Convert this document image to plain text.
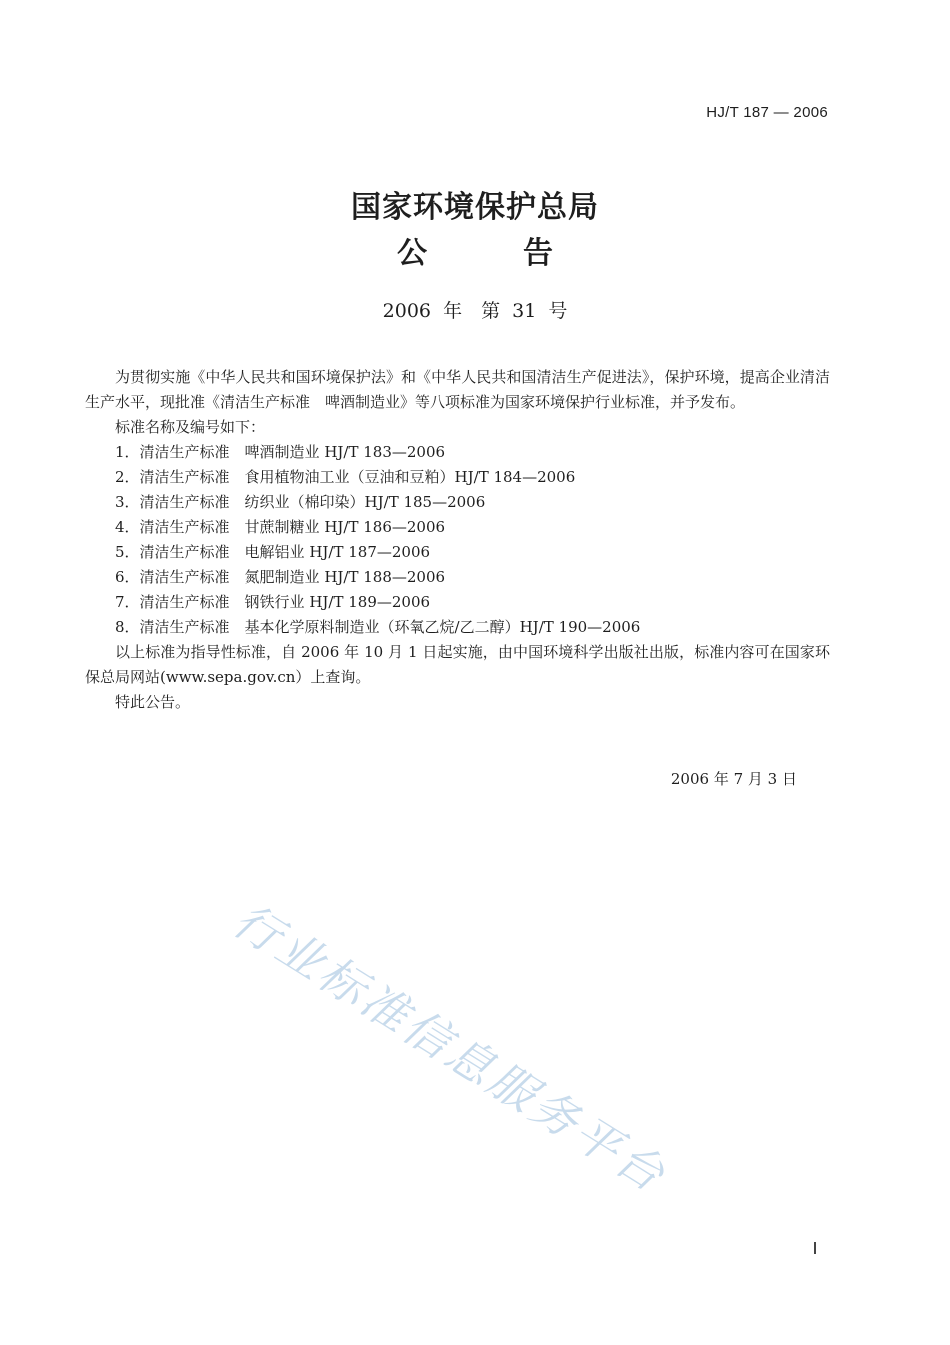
HJ/T 187 — 2006
国家环境保护总局
公告
2006 年　第 31 号

为贯彻实施《中华人民共和国环境保护法》和《中华人民共和国清洁生产促进法》，保护环境，提高企业清洁生产水平，现批准《清洁生产标准　啤酒制造业》等八项标准为国家环境保护行业标准，并予发布。

标准名称及编号如下：

1．清洁生产标准　啤酒制造业 HJ/T 183—2006
2．清洁生产标准　食用植物油工业（豆油和豆粕）HJ/T 184—2006
3．清洁生产标准　纺织业（棉印染）HJ/T 185—2006
4．清洁生产标准　甘蔗制糖业 HJ/T 186—2006
5．清洁生产标准　电解铝业 HJ/T 187—2006
6．清洁生产标准　氮肥制造业 HJ/T 188—2006
7．清洁生产标准　钢铁行业 HJ/T 189—2006
8．清洁生产标准　基本化学原料制造业（环氧乙烷/乙二醇）HJ/T 190—2006

以上标准为指导性标准，自 2006 年 10 月 1 日起实施，由中国环境科学出版社出版，标准内容可在国家环保总局网站(www.sepa.gov.cn）上查询。

特此公告。

2006 年 7 月 3 日
行业标准信息服务平台
